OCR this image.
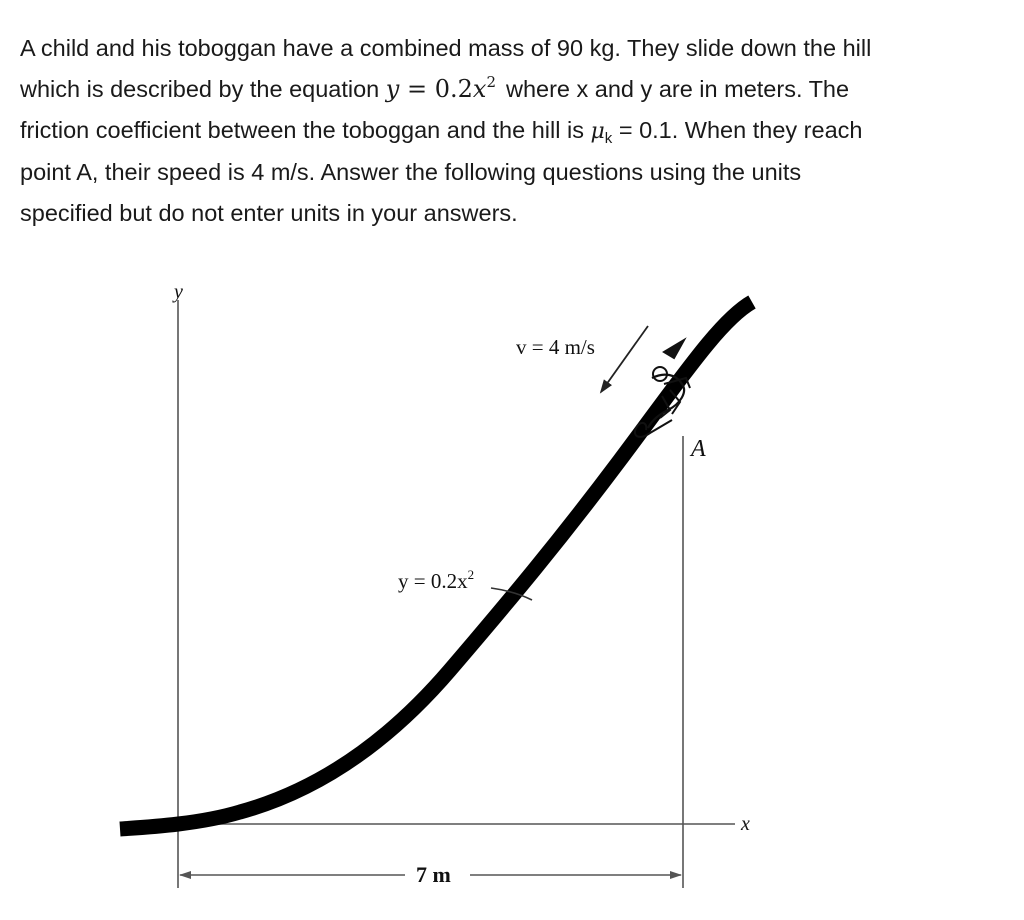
A child and his toboggan have a combined mass of 90 kg. They slide down the hill
which is described by the equation $y = 0.2x^2$ where x and y are in meters. The
friction coefficient between the toboggan and the hill is $\mu_k = 0.1$. When they reach
point A, their speed is 4 m/s. Answer the following questions using the units
specified but do not enter units in your answers.
y
x
A
$y = 0.2x^2$
v = 4 m/s
7 m
